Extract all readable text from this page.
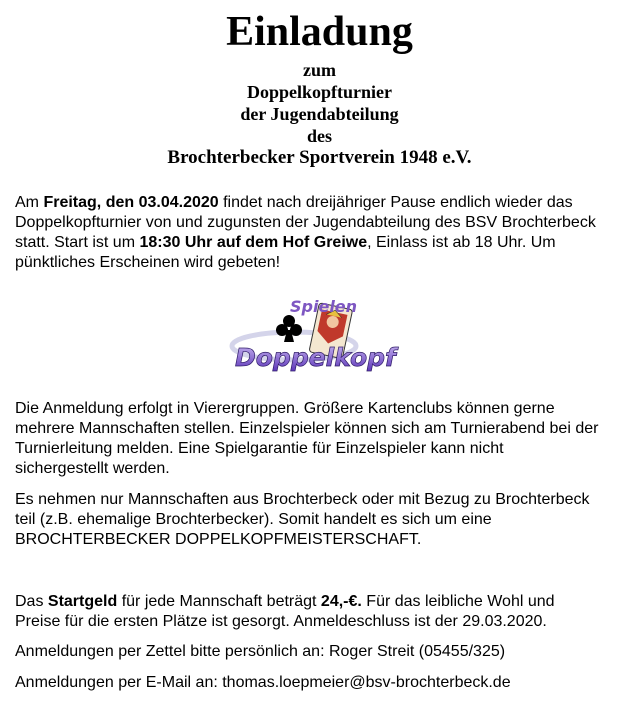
Einladung
zum
Doppelkopfturnier
der Jugendabteilung
des
Brochterbecker Sportverein 1948 e.V.

Am Freitag, den 03.04.2020 findet nach dreijähriger Pause endlich wieder das Doppelkopfturnier von und zugunsten der Jugendabteilung des BSV Brochterbeck statt. Start ist um 18:30 Uhr auf dem Hof Greiwe, Einlass ist ab 18 Uhr. Um pünktliches Erscheinen wird gebeten!

Spielen
Doppelkopf

Die Anmeldung erfolgt in Vierergruppen. Größere Kartenclubs können gerne mehrere Mannschaften stellen. Einzelspieler können sich am Turnierabend bei der Turnierleitung melden. Eine Spielgarantie für Einzelspieler kann nicht sichergestellt werden.

Es nehmen nur Mannschaften aus Brochterbeck oder mit Bezug zu Brochterbeck teil (z.B. ehemalige Brochterbecker). Somit handelt es sich um eine BROCHTERBECKER DOPPELKOPFMEISTERSCHAFT.

Das Startgeld für jede Mannschaft beträgt 24,-€. Für das leibliche Wohl und Preise für die ersten Plätze ist gesorgt. Anmeldeschluss ist der 29.03.2020.

Anmeldungen per Zettel bitte persönlich an: Roger Streit (05455/325)

Anmeldungen per E-Mail an: thomas.loepmeier@bsv-brochterbeck.de
